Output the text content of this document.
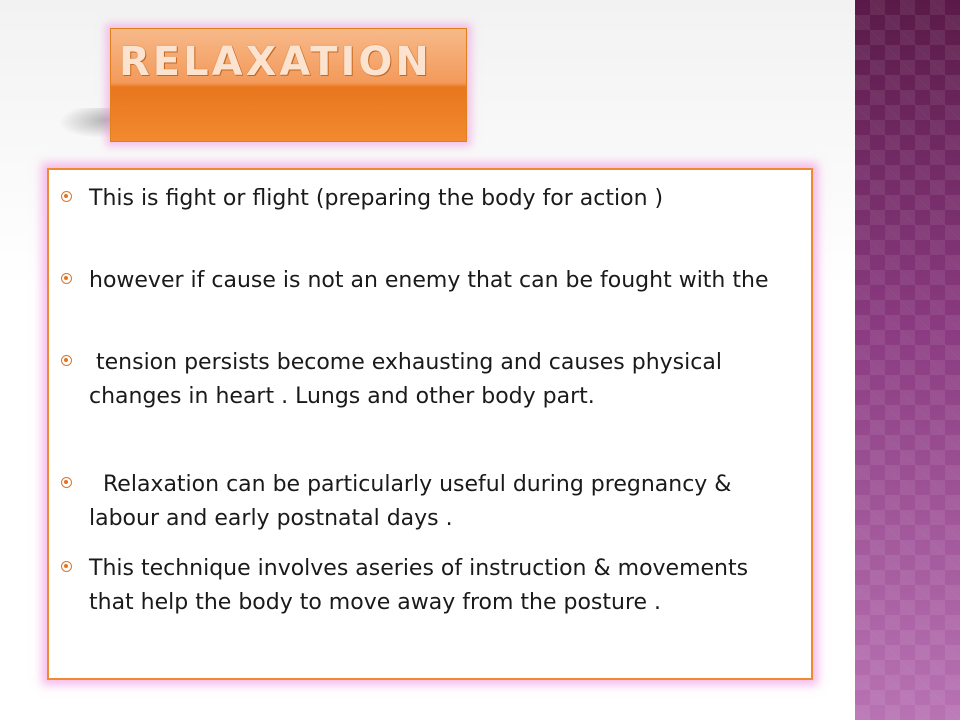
RELAXATION
This is fight or flight (preparing the body for action )
however if cause is not an enemy that can be fought with the
tension persists become exhausting and causes physical changes in heart . Lungs and other body part.
Relaxation can be particularly useful during pregnancy & labour and early postnatal days .
This technique involves aseries of instruction & movements that help the body to move away from the posture .
